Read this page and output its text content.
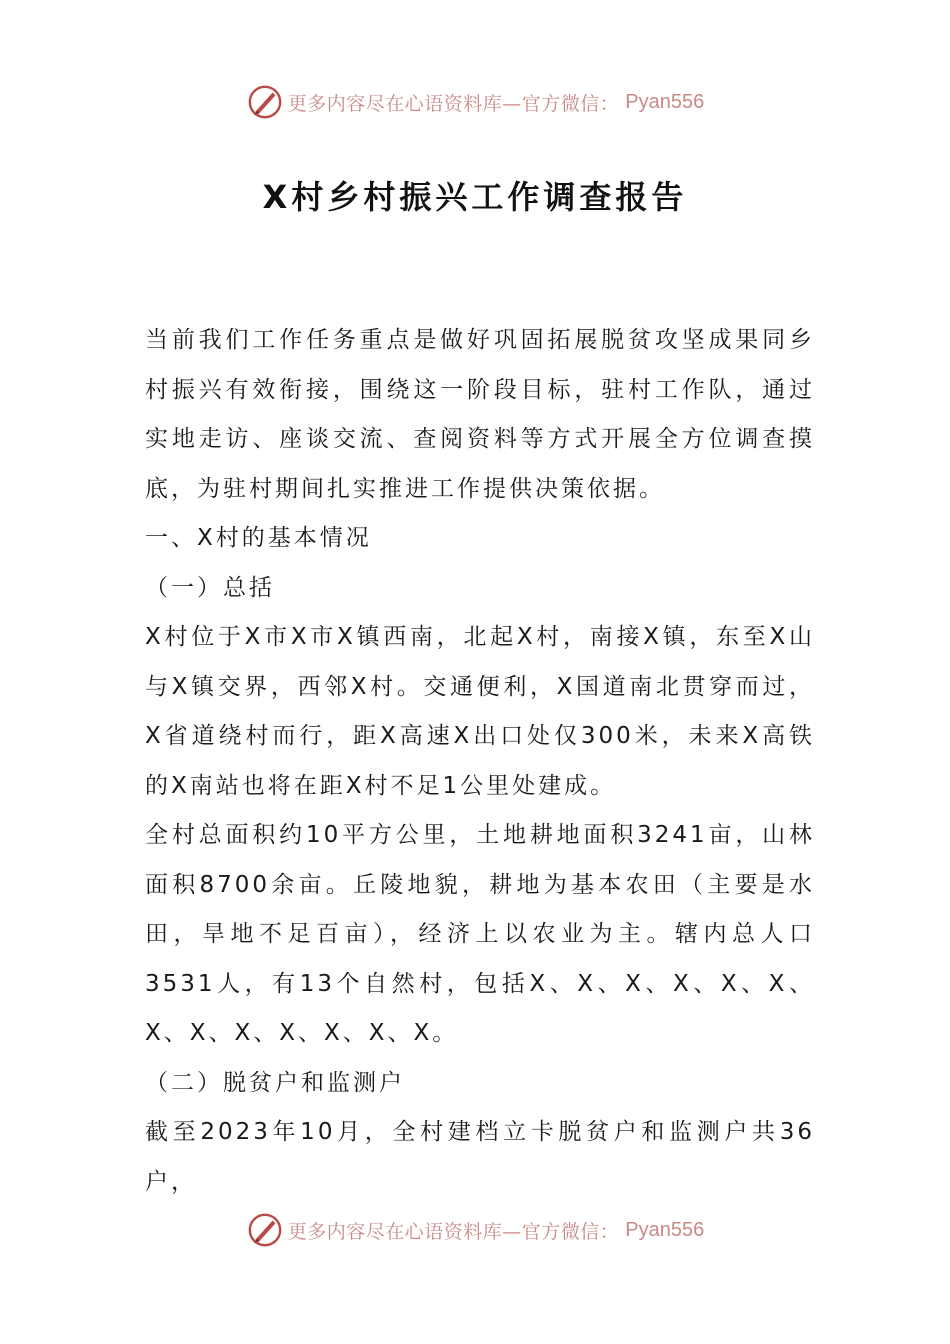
更多内容尽在心语资料库—官方微信： Pyan556
X村乡村振兴工作调查报告

当前我们工作任务重点是做好巩固拓展脱贫攻坚成果同乡村振兴有效衔接，围绕这一阶段目标，驻村工作队，通过实地走访、座谈交流、查阅资料等方式开展全方位调查摸底，为驻村期间扎实推进工作提供决策依据。

一、X村的基本情况

（一）总括

X村位于X市X市X镇西南，北起X村，南接X镇，东至X山与X镇交界，西邻X村。交通便利，X国道南北贯穿而过，X省道绕村而行，距X高速X出口处仅300米，未来X高铁的X南站也将在距X村不足1公里处建成。

全村总面积约10平方公里，土地耕地面积3241亩，山林面积8700余亩。丘陵地貌，耕地为基本农田（主要是水田，旱地不足百亩），经济上以农业为主。辖内总人口3531人，有13个自然村，包括X、X、X、X、X、X、X、X、X、X、X、X、X。

（二）脱贫户和监测户

截至2023年10月，全村建档立卡脱贫户和监测户共36户，

更多内容尽在心语资料库—官方微信： Pyan556
